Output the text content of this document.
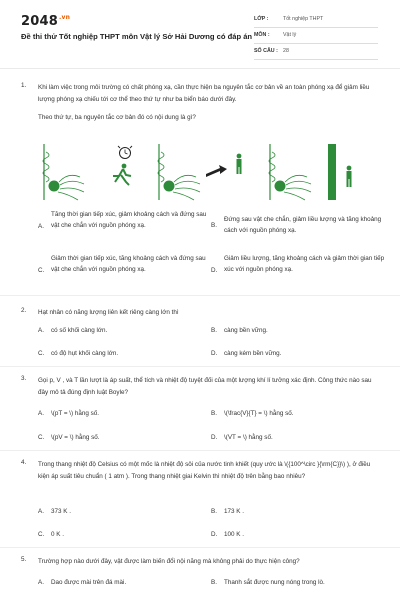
$2048^{.vn}$
Đề thi thử Tốt nghiệp THPT môn Vật lý Sở Hải Dương có đáp án
LỚP :	Tốt nghiệp THPT
MÔN :	Vật lý
SỐ CÂU : 28
1. Khi làm việc trong môi trường có chất phóng xạ, cần thực hiện ba nguyên tắc cơ bản về an toàn phóng xạ để giảm liều lượng phóng xạ chiếu tới cơ thể theo thứ tự như ba biển báo dưới đây.
Theo thứ tự, ba nguyên tắc cơ bản đó có nội dung là gì?
A.
Tăng thời gian tiếp xúc, giảm khoảng cách và đứng sau vật che chắn với nguồn phóng xạ.	B.
Đứng sau vật che chắn, giảm liều lượng và tăng khoảng cách với nguồn phóng xạ.
C.
Giảm thời gian tiếp xúc, tăng khoảng cách và đứng sau vật che chắn với nguồn phóng xạ.	D.
Giảm liều lượng, tăng khoảng cách và giảm thời gian tiếp xúc với nguồn phóng xạ.
2. Hạt nhân có năng lượng liên kết riêng càng lớn thì
A. có số khối càng lớn.	B. càng bền vững.
C. có độ hụt khối càng lớn.	D. càng kém bền vững.
3. Gọi p, V , và T lần lượt là áp suất, thể tích và nhiệt độ tuyệt đối của một lượng khí lí tưởng xác định. Công thức nào sau đây mô tả đúng định luật Boyle?
A. \(pT = \) hằng số.	B. \(\frac{V}{T} = \) hằng số.
C. \(pV = \) hằng số.	D. \(VT = \) hằng số.
4. Trong thang nhiệt độ Celsius có một mốc là nhiệt độ sôi của nước tinh khiết (quy ước là \({100^\circ }{\rm{C}}\) ), ở điều kiện áp suất tiêu chuẩn ( 1 atm ). Trong thang nhiệt giai Kelvin thì nhiệt độ trên bằng bao nhiêu?
A. 373 K .	B. 173 K .
C. 0 K .	D. 100 K .
5. Trường hợp nào dưới đây, vật được làm biến đổi nội năng mà không phải do thực hiện công?
A. Dao được mài trên đá mài.	B. Thanh sắt được nung nóng trong lò.
